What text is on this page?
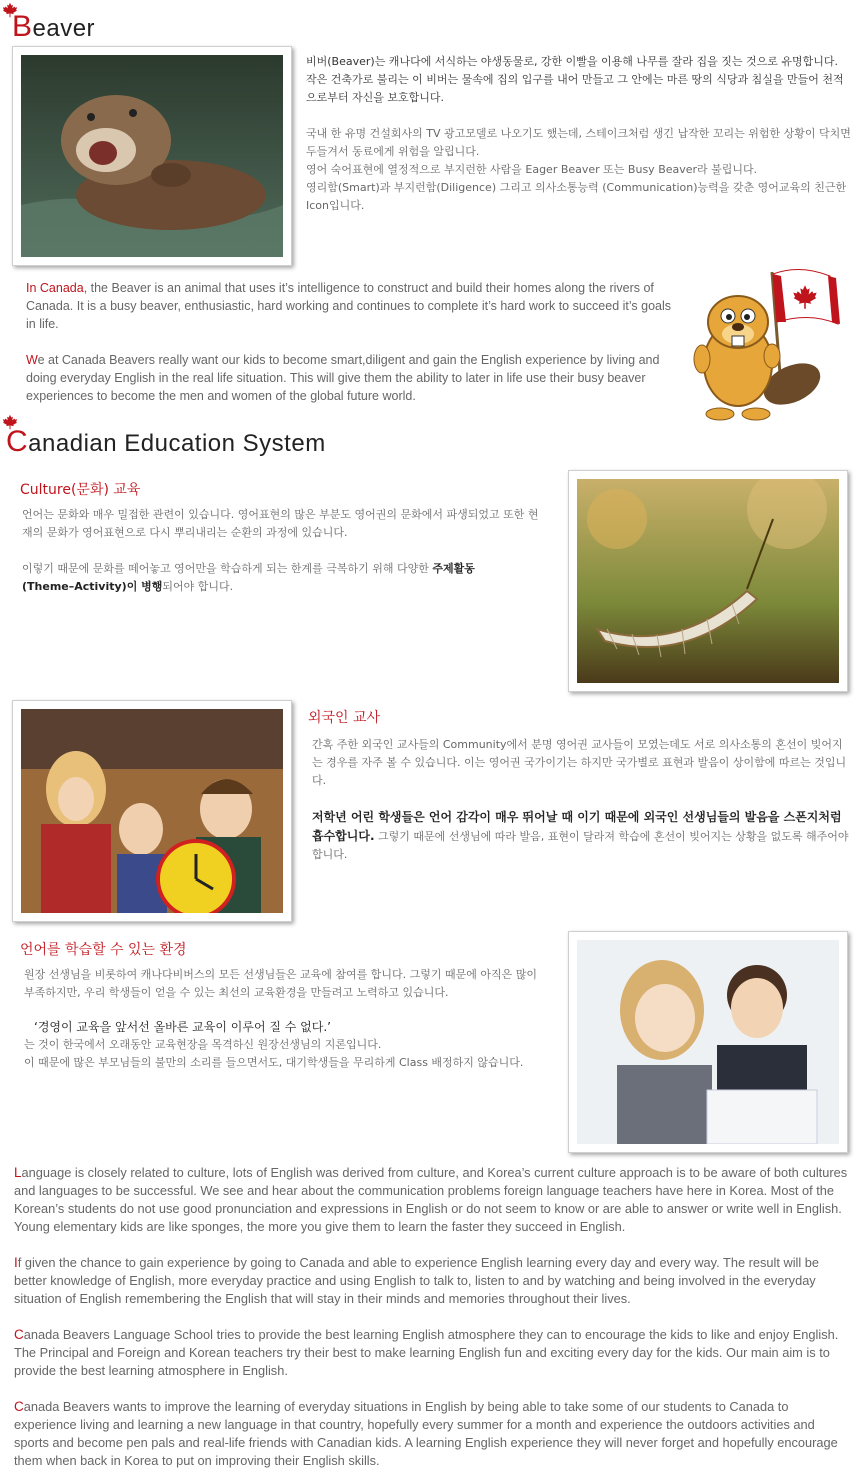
Beaver

비버(Beaver)는 캐나다에 서식하는 야생동물로, 강한 이빨을 이용해 나무를 잘라 집을 짓는 것으로 유명합니다. 작은 건축가로 불리는 이 비버는 물속에 집의 입구를 내어 만들고 그 안에는 마른 땅의 식당과 침실을 만들어 천적으로부터 자신을 보호합니다.

국내 한 유명 건설회사의 TV 광고모델로 나오기도 했는데, 스테이크처럼 생긴 납작한 꼬리는 위험한 상황이 닥치면 두들겨서 동료에게 위험을 알립니다.
영어 숙어표현에 열정적으로 부지런한 사람을 Eager Beaver 또는 Busy Beaver라 불립니다.
영리함(Smart)과 부지런함(Diligence) 그리고 의사소통능력 (Communication)능력을 갖춘 영어교육의 친근한 Icon입니다.

In Canada, the Beaver is an animal that uses it’s intelligence to construct and build their homes along the rivers of Canada. It is a busy beaver, enthusiastic, hard working and continues to complete it’s hard work to succeed it’s goals in life.

We at Canada Beavers really want our kids to become smart,diligent and gain the English experience by living and doing everyday English in the real life situation. This will give them the ability to later in life use their busy beaver experiences to become the men and women of the global future world.

Canadian Education System
Culture(문화) 교육

언어는 문화와 매우 밀접한 관련이 있습니다. 영어표현의 많은 부분도 영어권의 문화에서 파생되었고 또한 현재의 문화가 영어표현으로 다시 뿌리내리는 순환의 과정에 있습니다.

이렇기 때문에 문화를 떼어놓고 영어만을 학습하게 되는 한계를 극복하기 위해 다양한 주제활동
(Theme–Activity)이 병행되어야 합니다.

외국인 교사

간혹 주한 외국인 교사들의 Community에서 분명 영어권 교사들이 모였는데도 서로 의사소통의 혼선이 빚어지는 경우를 자주 볼 수 있습니다. 이는 영어권 국가이기는 하지만 국가별로 표현과 발음이 상이함에 따르는 것입니다.

저학년 어린 학생들은 언어 감각이 매우 뛰어날 때 이기 때문에 외국인 선생님들의 발음을 스폰지처럼 흡수합니다. 그렇기 때문에 선생님에 따라 발음, 표현이 달라져 학습에 혼선이 빚어지는 상황을 없도록 해주어야 합니다.

언어를 학습할 수 있는 환경

원장 선생님을 비롯하여 캐나다비버스의 모든 선생님들은 교육에 참여를 합니다. 그렇기 때문에 아직은 많이 부족하지만, 우리 학생들이 얻을 수 있는 최선의 교육환경을 만들려고 노력하고 있습니다.

‘경영이 교육을 앞서선 올바른 교육이 이루어 질 수 없다.’

는 것이 한국에서 오래동안 교육현장을 목격하신 원장선생님의 지론입니다.
이 때문에 많은 부모님들의 불만의 소리를 들으면서도, 대기학생들을 무리하게 Class 배정하지 않습니다.

Language is closely related to culture, lots of English was derived from culture, and Korea’s current culture approach is to be aware of both cultures and languages to be successful. We see and hear about the communication problems foreign language teachers have here in Korea. Most of the Korean’s students do not use good pronunciation and expressions in English or do not seem to know or are able to answer or write well in English. Young elementary kids are like sponges, the more you give them to learn the faster they succeed in English.

If given the chance to gain experience by going to Canada and able to experience English learning every day and every way. The result will be better knowledge of English, more everyday practice and using English to talk to, listen to and by watching and being involved in the everyday situation of English remembering the English that will stay in their minds and memories throughout their lives.

Canada Beavers Language School tries to provide the best learning English atmosphere they can to encourage the kids to like and enjoy English. The Principal and Foreign and Korean teachers try their best to make learning English fun and exciting every day for the kids. Our main aim is to provide the best learning atmosphere in English.

Canada Beavers wants to improve the learning of everyday situations in English by being able to take some of our students to Canada to experience living and learning a new language in that country, hopefully every summer for a month and experience the outdoors activities and sports and become pen pals and real-life friends with Canadian kids. A learning English experience they will never forget and hopefully encourage them when back in Korea to put on improving their English skills.
